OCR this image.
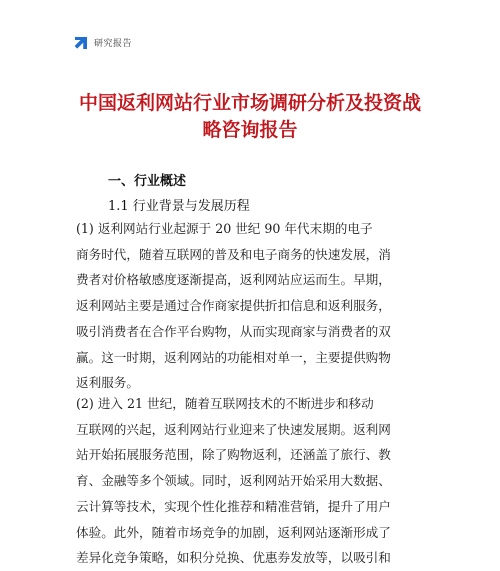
研究报告
中国返利网站行业市场调研分析及投资战
略咨询报告
一、行业概述
1.1 行业背景与发展历程
(1) 返利网站行业起源于 20 世纪 90 年代末期的电子
商务时代，随着互联网的普及和电子商务的快速发展，消
费者对价格敏感度逐渐提高，返利网站应运而生。早期，
返利网站主要是通过合作商家提供折扣信息和返利服务，
吸引消费者在合作平台购物，从而实现商家与消费者的双
赢。这一时期，返利网站的功能相对单一，主要提供购物
返利服务。
(2) 进入 21 世纪，随着互联网技术的不断进步和移动
互联网的兴起，返利网站行业迎来了快速发展期。返利网
站开始拓展服务范围，除了购物返利，还涵盖了旅行、教
育、金融等多个领域。同时，返利网站开始采用大数据、
云计算等技术，实现个性化推荐和精准营销，提升了用户
体验。此外，随着市场竞争的加剧，返利网站逐渐形成了
差异化竞争策略，如积分兑换、优惠券发放等，以吸引和
